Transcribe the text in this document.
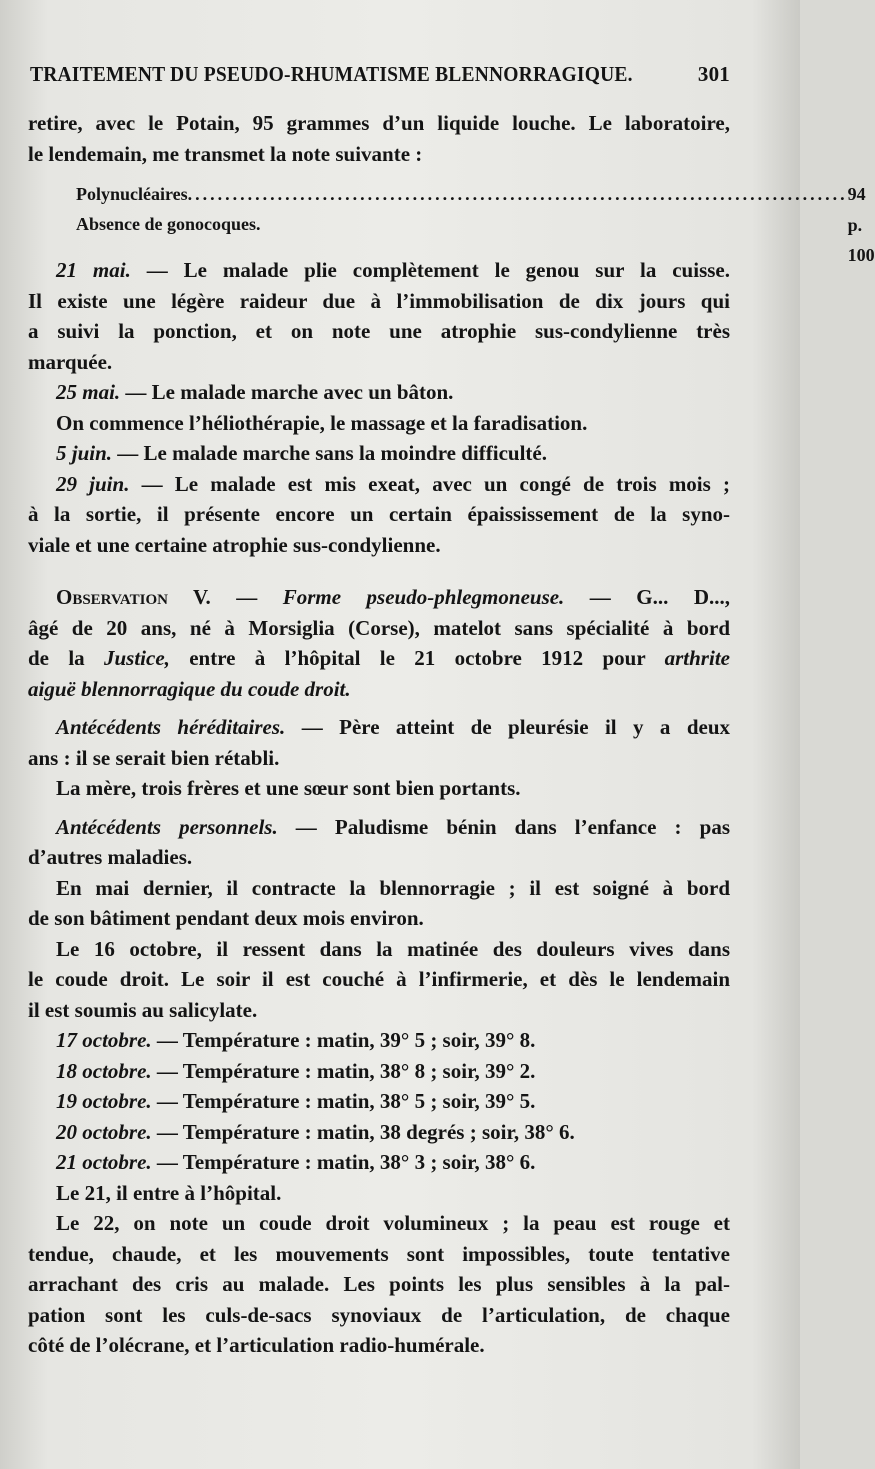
TRAITEMENT DU PSEUDO-RHUMATISME BLENNORRAGIQUE.	301
retire, avec le Potain, 95 grammes d’un liquide louche. Le laboratoire,
le lendemain, me transmet la note suivante :
Polynucléaires ........................................................................................ 94 p. 100
Absence de gonocoques.
21 mai. — Le malade plie complètement le genou sur la cuisse.
Il existe une légère raideur due à l’immobilisation de dix jours qui
a suivi la ponction, et on note une atrophie sus-condylienne très
marquée.
25 mai. — Le malade marche avec un bâton.
On commence l’héliothérapie, le massage et la faradisation.
5 juin. — Le malade marche sans la moindre difficulté.
29 juin. — Le malade est mis exeat, avec un congé de trois mois ;
à la sortie, il présente encore un certain épaississement de la syno-
viale et une certaine atrophie sus-condylienne.
Observation V. — Forme pseudo-phlegmoneuse. — G... D...,
âgé de 20 ans, né à Morsiglia (Corse), matelot sans spécialité à bord
de la Justice, entre à l’hôpital le 21 octobre 1912 pour arthrite
aiguë blennorragique du coude droit.
Antécédents héréditaires. — Père atteint de pleurésie il y a deux
ans : il se serait bien rétabli.
La mère, trois frères et une sœur sont bien portants.
Antécédents personnels. — Paludisme bénin dans l’enfance : pas
d’autres maladies.
En mai dernier, il contracte la blennorragie ; il est soigné à bord
de son bâtiment pendant deux mois environ.
Le 16 octobre, il ressent dans la matinée des douleurs vives dans
le coude droit. Le soir il est couché à l’infirmerie, et dès le lendemain
il est soumis au salicylate.
17 octobre. — Température : matin, 39° 5 ; soir, 39° 8.
18 octobre. — Température : matin, 38° 8 ; soir, 39° 2.
19 octobre. — Température : matin, 38° 5 ; soir, 39° 5.
20 octobre. — Température : matin, 38 degrés ; soir, 38° 6.
21 octobre. — Température : matin, 38° 3 ; soir, 38° 6.
Le 21, il entre à l’hôpital.
Le 22, on note un coude droit volumineux ; la peau est rouge et
tendue, chaude, et les mouvements sont impossibles, toute tentative
arrachant des cris au malade. Les points les plus sensibles à la pal-
pation sont les culs-de-sacs synoviaux de l’articulation, de chaque
côté de l’olécrane, et l’articulation radio-humérale.
